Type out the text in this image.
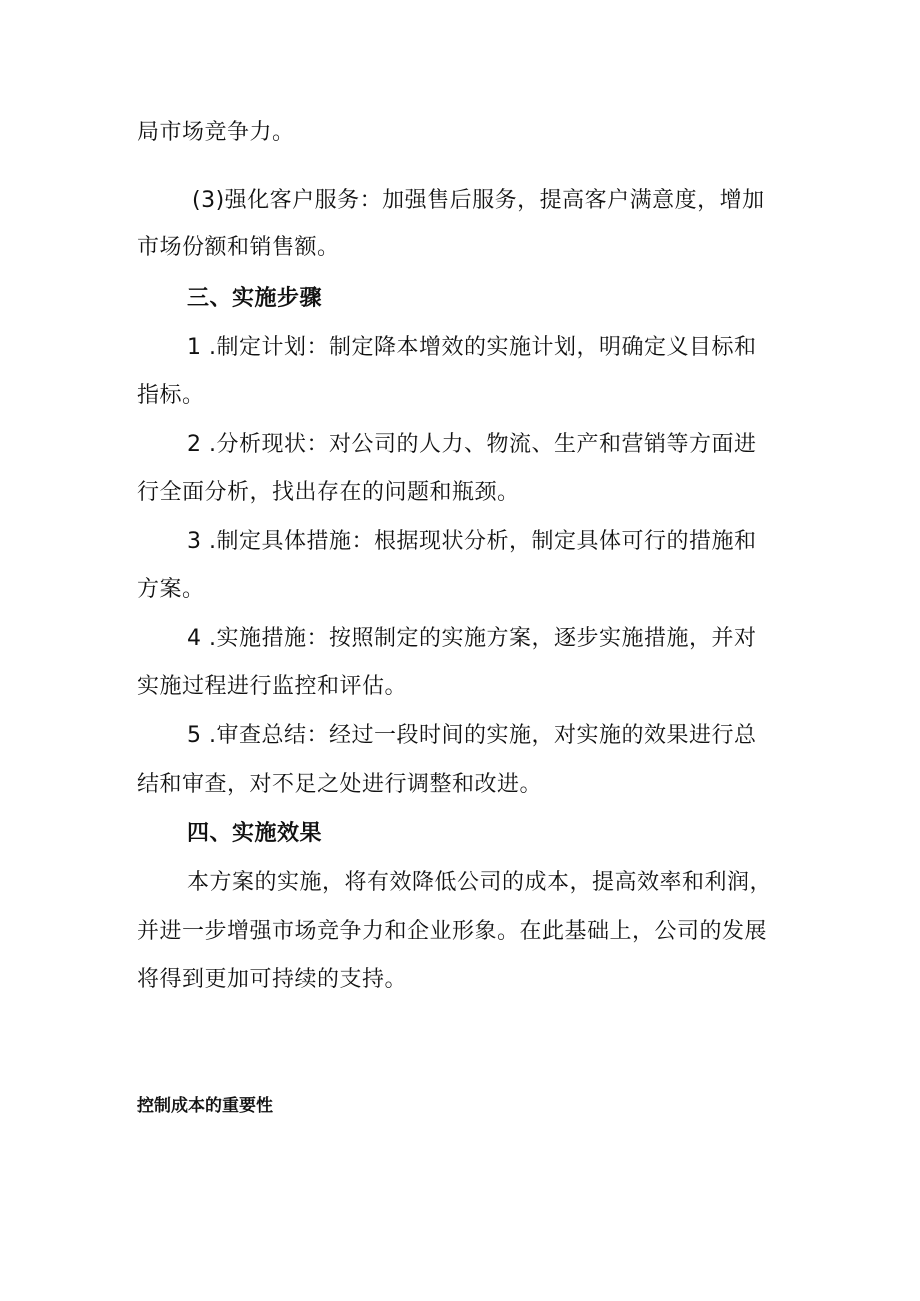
局市场竞争力。
(3)强化客户服务：加强售后服务，提高客户满意度，增加
市场份额和销售额。
三、实施步骤
1 .制定计划：制定降本增效的实施计划，明确定义目标和
指标。
2 .分析现状：对公司的人力、物流、生产和营销等方面进
行全面分析，找出存在的问题和瓶颈。
3 .制定具体措施：根据现状分析，制定具体可行的措施和
方案。
4 .实施措施：按照制定的实施方案，逐步实施措施，并对
实施过程进行监控和评估。
5 .审查总结：经过一段时间的实施，对实施的效果进行总
结和审查，对不足之处进行调整和改进。
四、实施效果
本方案的实施，将有效降低公司的成本，提高效率和利润，
并进一步增强市场竞争力和企业形象。在此基础上，公司的发展
将得到更加可持续的支持。
控制成本的重要性
